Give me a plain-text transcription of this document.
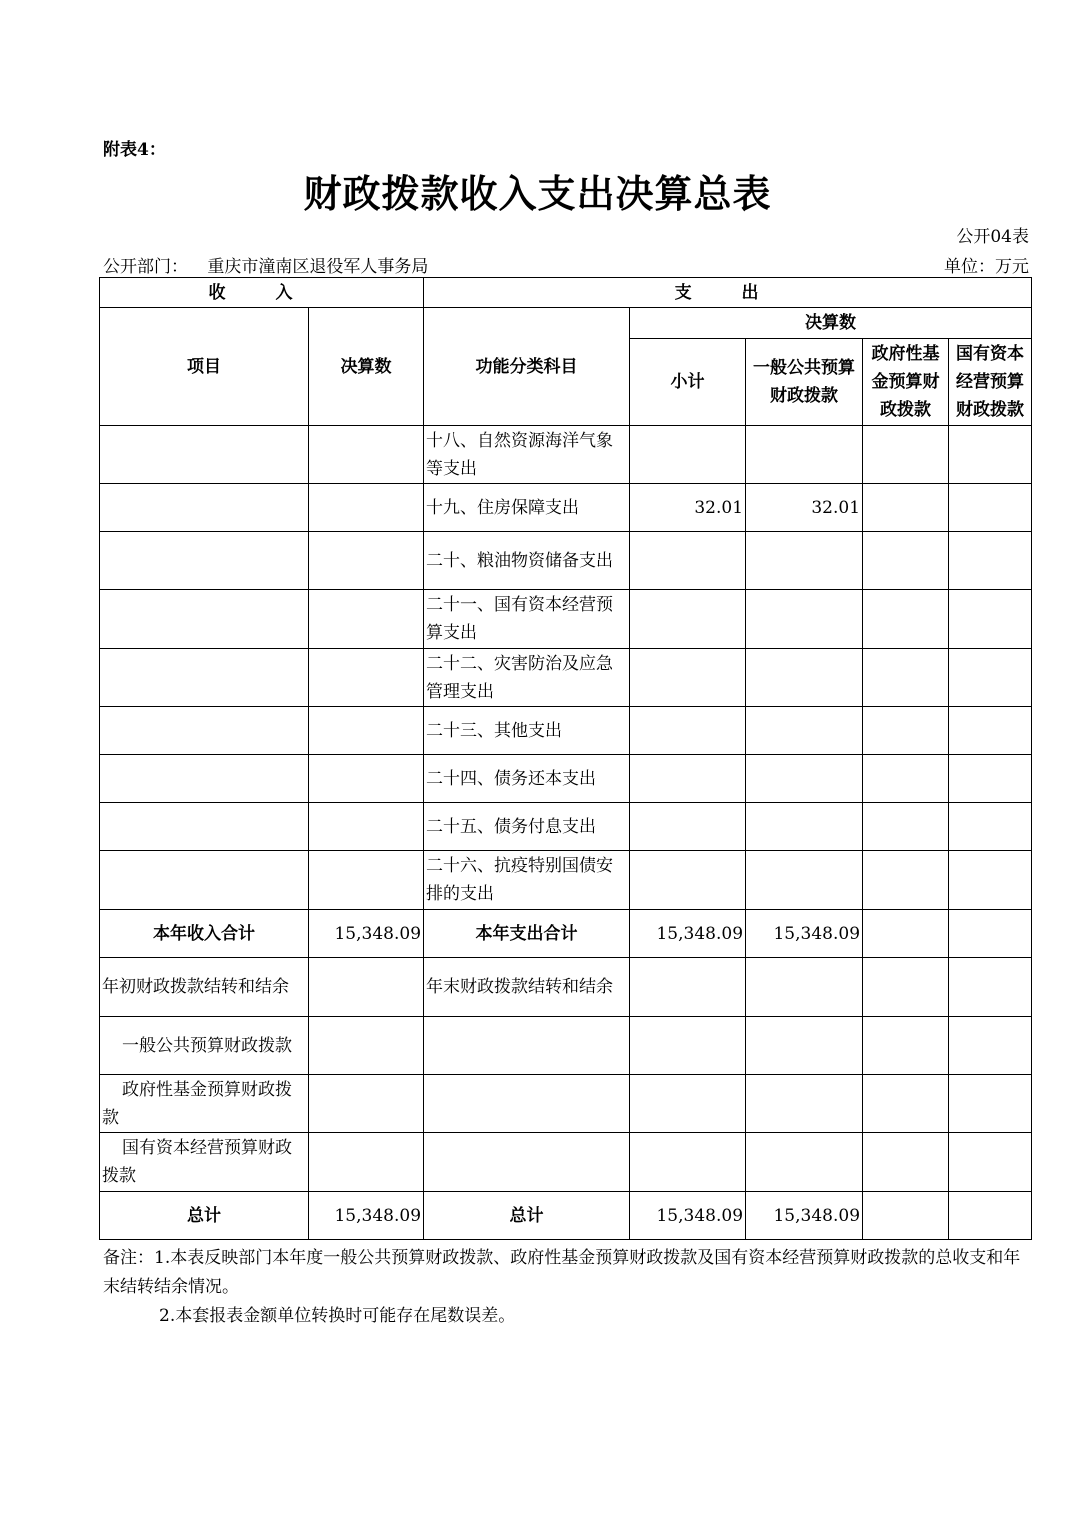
附表4：
财政拨款收入支出决算总表
公开04表
公开部门： 重庆市潼南区退役军人事务局	单位：万元
收 入		支 出				
项目	决算数	功能分类科目	决算数			
			小计	一般公共预算财政拨款	政府性基金预算财政拨款	国有资本经营预算财政拨款
		十八、自然资源海洋气象等支出				
		十九、住房保障支出	32.01	32.01		
		二十、粮油物资储备支出				
		二十一、国有资本经营预算支出				
		二十二、灾害防治及应急管理支出				
		二十三、其他支出				
		二十四、债务还本支出				
		二十五、债务付息支出				
		二十六、抗疫特别国债安排的支出				
本年收入合计	15,348.09	本年支出合计	15,348.09	15,348.09		
年初财政拨款结转和结余		年末财政拨款结转和结余				
一般公共预算财政拨款						
政府性基金预算财政拨款						
国有资本经营预算财政拨款						
总计	15,348.09	总计	15,348.09	15,348.09		
备注：1.本表反映部门本年度一般公共预算财政拨款、政府性基金预算财政拨款及国有资本经营预算财政拨款的总收支和年末结转结余情况。
2.本套报表金额单位转换时可能存在尾数误差。
